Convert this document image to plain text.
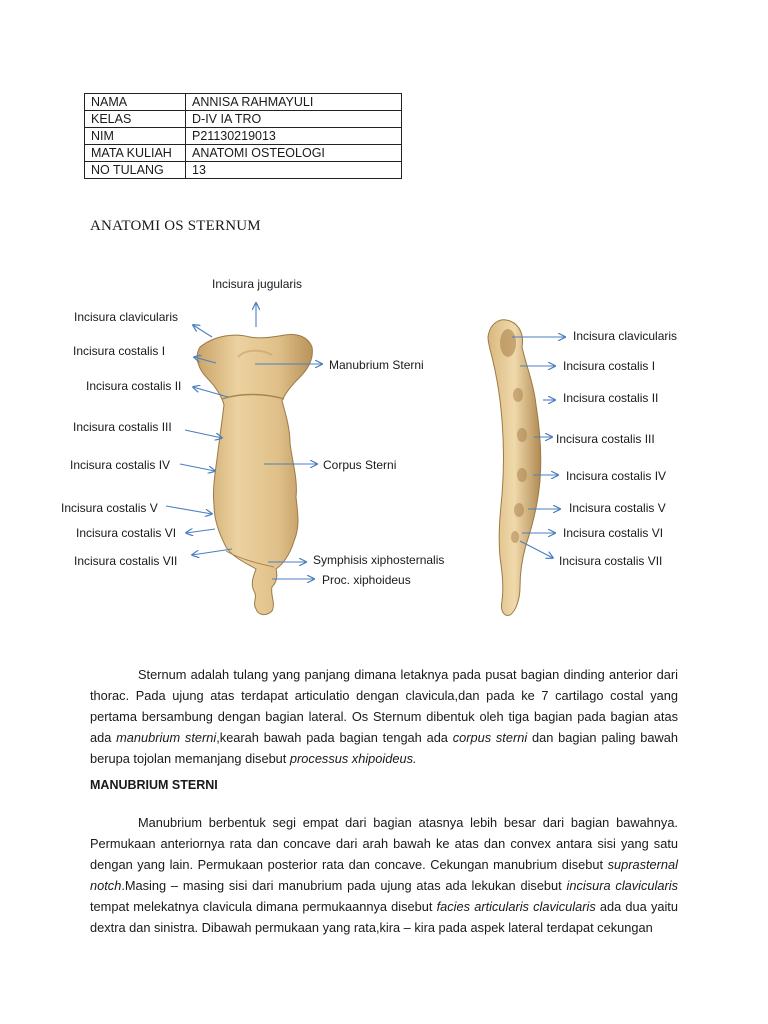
NAMA	ANNISA RAHMAYULI
KELAS	D-IV IA TRO
NIM	P21130219013
MATA KULIAH	ANATOMI OSTEOLOGI
NO TULANG	13
ANATOMI OS STERNUM
Incisura jugularis
Incisura clavicularis
Incisura costalis I
Manubrium Sterni
Incisura costalis II
Incisura costalis III
Incisura costalis IV	Corpus Sterni
Incisura costalis V
Incisura costalis VI
Incisura costalis VII	Symphisis xiphosternalis
Proc. xiphoideus
Incisura clavicularis
Incisura costalis I
Incisura costalis II
Incisura costalis III
Incisura costalis IV
Incisura costalis V
Incisura costalis VI
Incisura costalis VII

Sternum adalah tulang yang panjang dimana letaknya pada pusat bagian dinding anterior dari thorac. Pada ujung atas terdapat articulatio dengan clavicula,dan pada ke 7 cartilago costal yang pertama bersambung dengan bagian lateral. Os Sternum dibentuk oleh tiga bagian pada bagian atas ada manubrium sterni,kearah bawah pada bagian tengah ada corpus sterni dan bagian paling bawah berupa tojolan memanjang disebut processus xhipoideus.

MANUBRIUM STERNI

Manubrium berbentuk segi empat dari bagian atasnya lebih besar dari bagian bawahnya. Permukaan anteriornya rata dan concave dari arah bawah ke atas dan convex antara sisi yang satu dengan yang lain. Permukaan posterior rata dan concave. Cekungan manubrium disebut suprasternal notch.Masing – masing sisi dari manubrium pada ujung atas ada lekukan disebut incisura clavicularis tempat melekatnya clavicula dimana permukaannya disebut facies articularis clavicularis ada dua yaitu dextra dan sinistra. Dibawah permukaan yang rata,kira – kira pada aspek lateral terdapat cekungan
